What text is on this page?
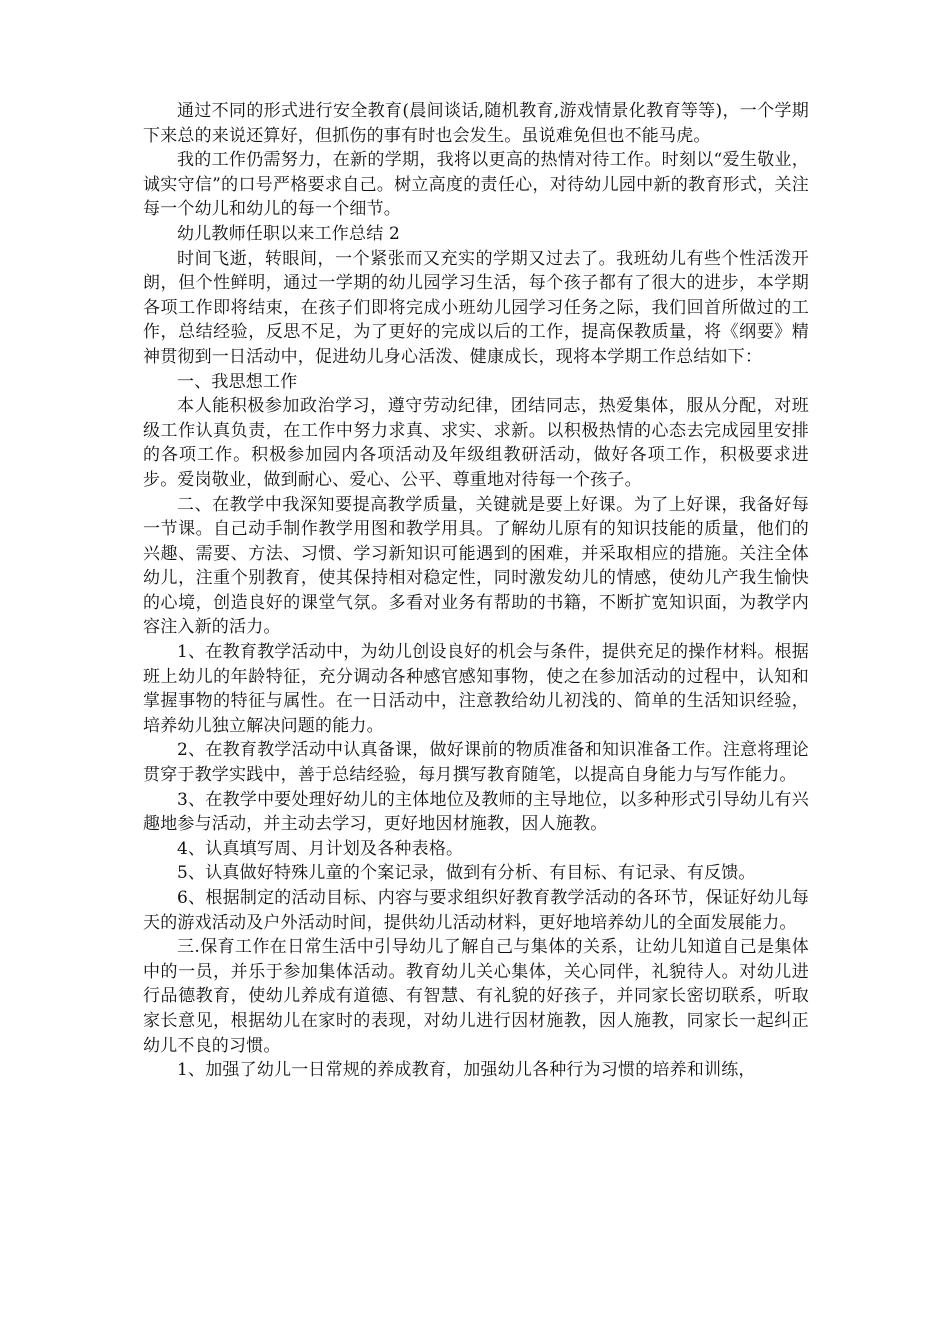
通过不同的形式进行安全教育(晨间谈话,随机教育,游戏情景化教育等等)，一个学期下来总的来说还算好，但抓伤的事有时也会发生。虽说难免但也不能马虎。

我的工作仍需努力，在新的学期，我将以更高的热情对待工作。时刻以“爱生敬业，诚实守信”的口号严格要求自己。树立高度的责任心，对待幼儿园中新的教育形式，关注每一个幼儿和幼儿的每一个细节。

幼儿教师任职以来工作总结 2

时间飞逝，转眼间，一个紧张而又充实的学期又过去了。我班幼儿有些个性活泼开朗，但个性鲜明，通过一学期的幼儿园学习生活，每个孩子都有了很大的进步，本学期各项工作即将结束，在孩子们即将完成小班幼儿园学习任务之际，我们回首所做过的工作，总结经验，反思不足，为了更好的完成以后的工作，提高保教质量，将《纲要》精神贯彻到一日活动中，促进幼儿身心活泼、健康成长，现将本学期工作总结如下：

一、我思想工作

本人能积极参加政治学习，遵守劳动纪律，团结同志，热爱集体，服从分配，对班级工作认真负责，在工作中努力求真、求实、求新。以积极热情的心态去完成园里安排的各项工作。积极参加园内各项活动及年级组教研活动，做好各项工作，积极要求进步。爱岗敬业，做到耐心、爱心、公平、尊重地对待每一个孩子。

二、在教学中我深知要提高教学质量，关键就是要上好课。为了上好课，我备好每一节课。自己动手制作教学用图和教学用具。了解幼儿原有的知识技能的质量，他们的兴趣、需要、方法、习惯、学习新知识可能遇到的困难，并采取相应的措施。关注全体幼儿，注重个别教育，使其保持相对稳定性，同时激发幼儿的情感，使幼儿产我生愉快的心境，创造良好的课堂气氛。多看对业务有帮助的书籍，不断扩宽知识面，为教学内容注入新的活力。

1、在教育教学活动中，为幼儿创设良好的机会与条件，提供充足的操作材料。根据班上幼儿的年龄特征，充分调动各种感官感知事物，使之在参加活动的过程中，认知和掌握事物的特征与属性。在一日活动中，注意教给幼儿初浅的、简单的生活知识经验，培养幼儿独立解决问题的能力。

2、在教育教学活动中认真备课，做好课前的物质准备和知识准备工作。注意将理论贯穿于教学实践中，善于总结经验，每月撰写教育随笔，以提高自身能力与写作能力。

3、在教学中要处理好幼儿的主体地位及教师的主导地位，以多种形式引导幼儿有兴趣地参与活动，并主动去学习，更好地因材施教，因人施教。

4、认真填写周、月计划及各种表格。

5、认真做好特殊儿童的个案记录，做到有分析、有目标、有记录、有反馈。

6、根据制定的活动目标、内容与要求组织好教育教学活动的各环节，保证好幼儿每天的游戏活动及户外活动时间，提供幼儿活动材料，更好地培养幼儿的全面发展能力。

三.保育工作在日常生活中引导幼儿了解自己与集体的关系，让幼儿知道自己是集体中的一员，并乐于参加集体活动。教育幼儿关心集体，关心同伴，礼貌待人。对幼儿进行品德教育，使幼儿养成有道德、有智慧、有礼貌的好孩子，并同家长密切联系，听取家长意见，根据幼儿在家时的表现，对幼儿进行因材施教，因人施教，同家长一起纠正幼儿不良的习惯。

1、加强了幼儿一日常规的养成教育，加强幼儿各种行为习惯的培养和训练，
